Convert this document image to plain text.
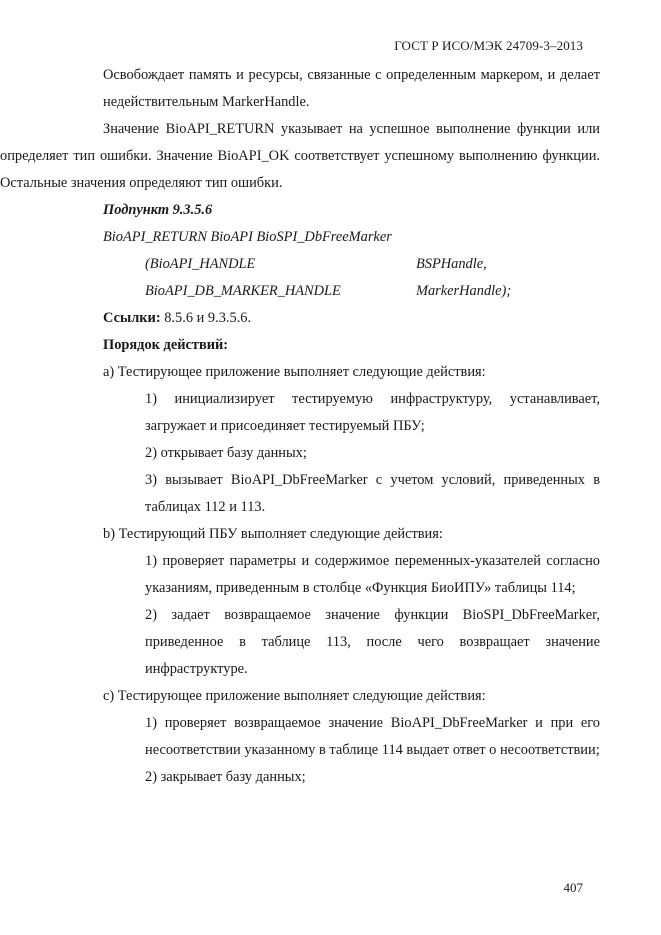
ГОСТ Р ИСО/МЭК 24709-3–2013

Освобождает память и ресурсы, связанные с определенным маркером, и делает недействительным MarkerHandle.

Значение BioAPI_RETURN указывает на успешное выполнение функции или определяет тип ошибки. Значение BioAPI_OK соответствует успешному выполнению функции. Остальные значения определяют тип ошибки.

Подпункт 9.3.5.6

BioAPI_RETURN BioAPI BioSPI_DbFreeMarker

(BioAPI_HANDLE	BSPHandle,
BioAPI_DB_MARKER_HANDLE	MarkerHandle);

Ссылки: 8.5.6 и 9.3.5.6.

Порядок действий:

a) Тестирующее приложение выполняет следующие действия:

1) инициализирует тестируемую инфраструктуру, устанавливает, загружает и присоединяет тестируемый ПБУ;

2) открывает базу данных;

3) вызывает BioAPI_DbFreeMarker с учетом условий, приведенных в таблицах 112 и 113.

b) Тестирующий ПБУ выполняет следующие действия:

1) проверяет параметры и содержимое переменных-указателей согласно указаниям, приведенным в столбце «Функция БиоИПУ» таблицы 114;

2) задает возвращаемое значение функции BioSPI_DbFreeMarker, приведенное в таблице 113, после чего возвращает значение инфраструктуре.

c) Тестирующее приложение выполняет следующие действия:

1) проверяет возвращаемое значение BioAPI_DbFreeMarker и при его несоответствии указанному в таблице 114 выдает ответ о несоответствии;

2) закрывает базу данных;

407
